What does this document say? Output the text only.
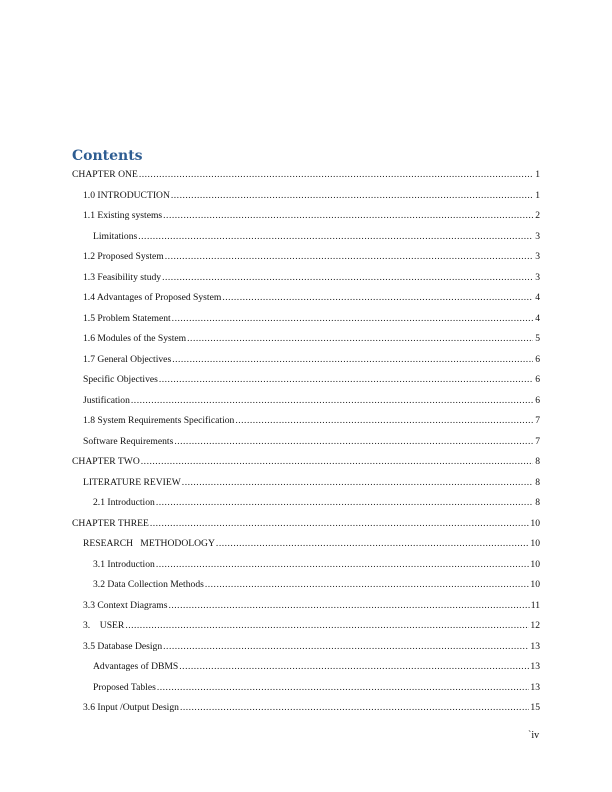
Contents
CHAPTER ONE .....	1
1.0 INTRODUCTION .....	1
1.1 Existing systems .....	2
Limitations .....	3
1.2 Proposed System .....	3
1.3 Feasibility study .....	3
1.4 Advantages of Proposed System .....	4
1.5 Problem Statement .....	4
1.6 Modules of the System .....	5
1.7 General Objectives .....	6
Specific Objectives .....	6
Justification .....	6
1.8 System Requirements Specification .....	7
Software Requirements .....	7
CHAPTER TWO .....	8
LITERATURE REVIEW .....	8
2.1 Introduction .....	8
CHAPTER THREE .....	10
RESEARCH   METHODOLOGY .....	10
3.1 Introduction .....	10
3.2 Data Collection Methods .....	10
3.3 Context Diagrams .....	11
3.    USER .....	12
3.5 Database Design .....	13
Advantages of DBMS .....	13
Proposed Tables .....	13
3.6 Input /Output Design .....	15
`iv
